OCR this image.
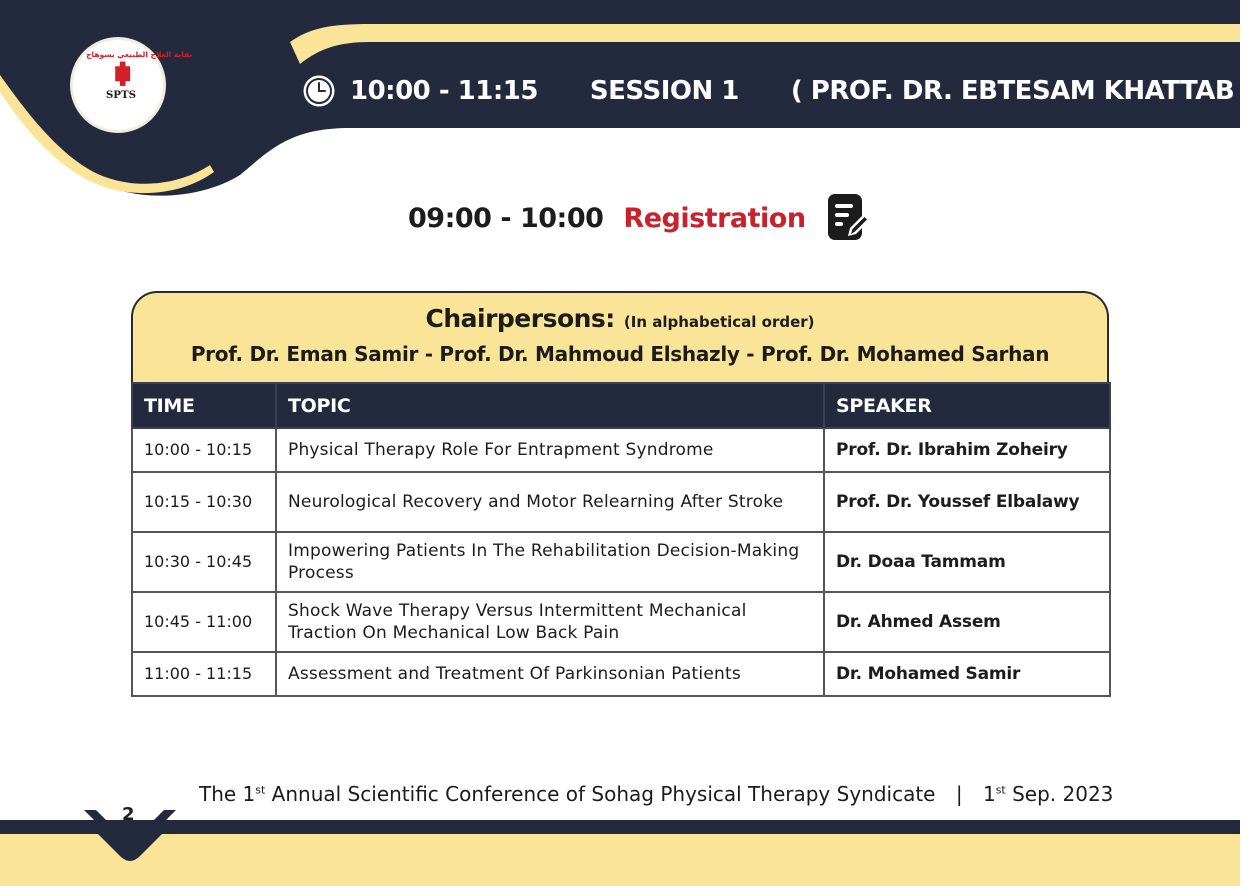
نقابة العلاج الطبيعي بسوهاج
SPTS	10:00 - 11:15 SESSION 1 ( PROF. DR. EBTESAM KHATTAB )
09:00 - 10:00 Registration
Chairpersons: (In alphabetical order)
Prof. Dr. Eman Samir - Prof. Dr. Mahmoud Elshazly - Prof. Dr. Mohamed Sarhan
TIME	TOPIC	SPEAKER
10:00 - 10:15	Physical Therapy Role For Entrapment Syndrome	Prof. Dr. Ibrahim Zoheiry
10:15 - 10:30	Neurological Recovery and Motor Relearning After Stroke	Prof. Dr. Youssef Elbalawy
10:30 - 10:45	Impowering Patients In The Rehabilitation Decision-Making Process	Dr. Doaa Tammam
10:45 - 11:00	Shock Wave Therapy Versus Intermittent Mechanical Traction On Mechanical Low Back Pain	Dr. Ahmed Assem
11:00 - 11:15	Assessment and Treatment Of Parkinsonian Patients	Dr. Mohamed Samir
The 1st Annual Scientific Conference of Sohag Physical Therapy Syndicate | 1st Sep. 2023
2
